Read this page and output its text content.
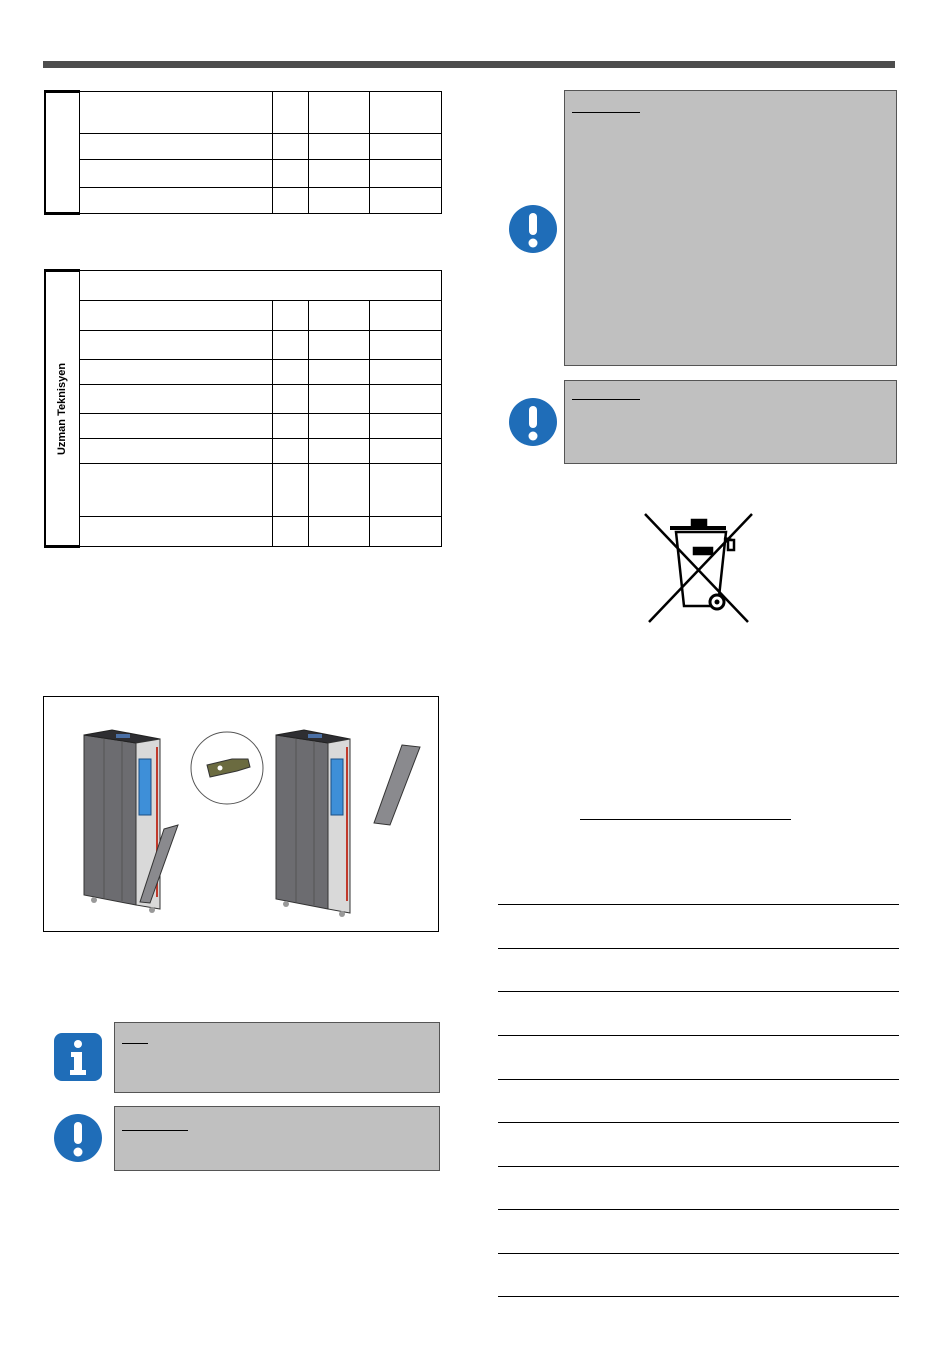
Uzman Teknisyen				
